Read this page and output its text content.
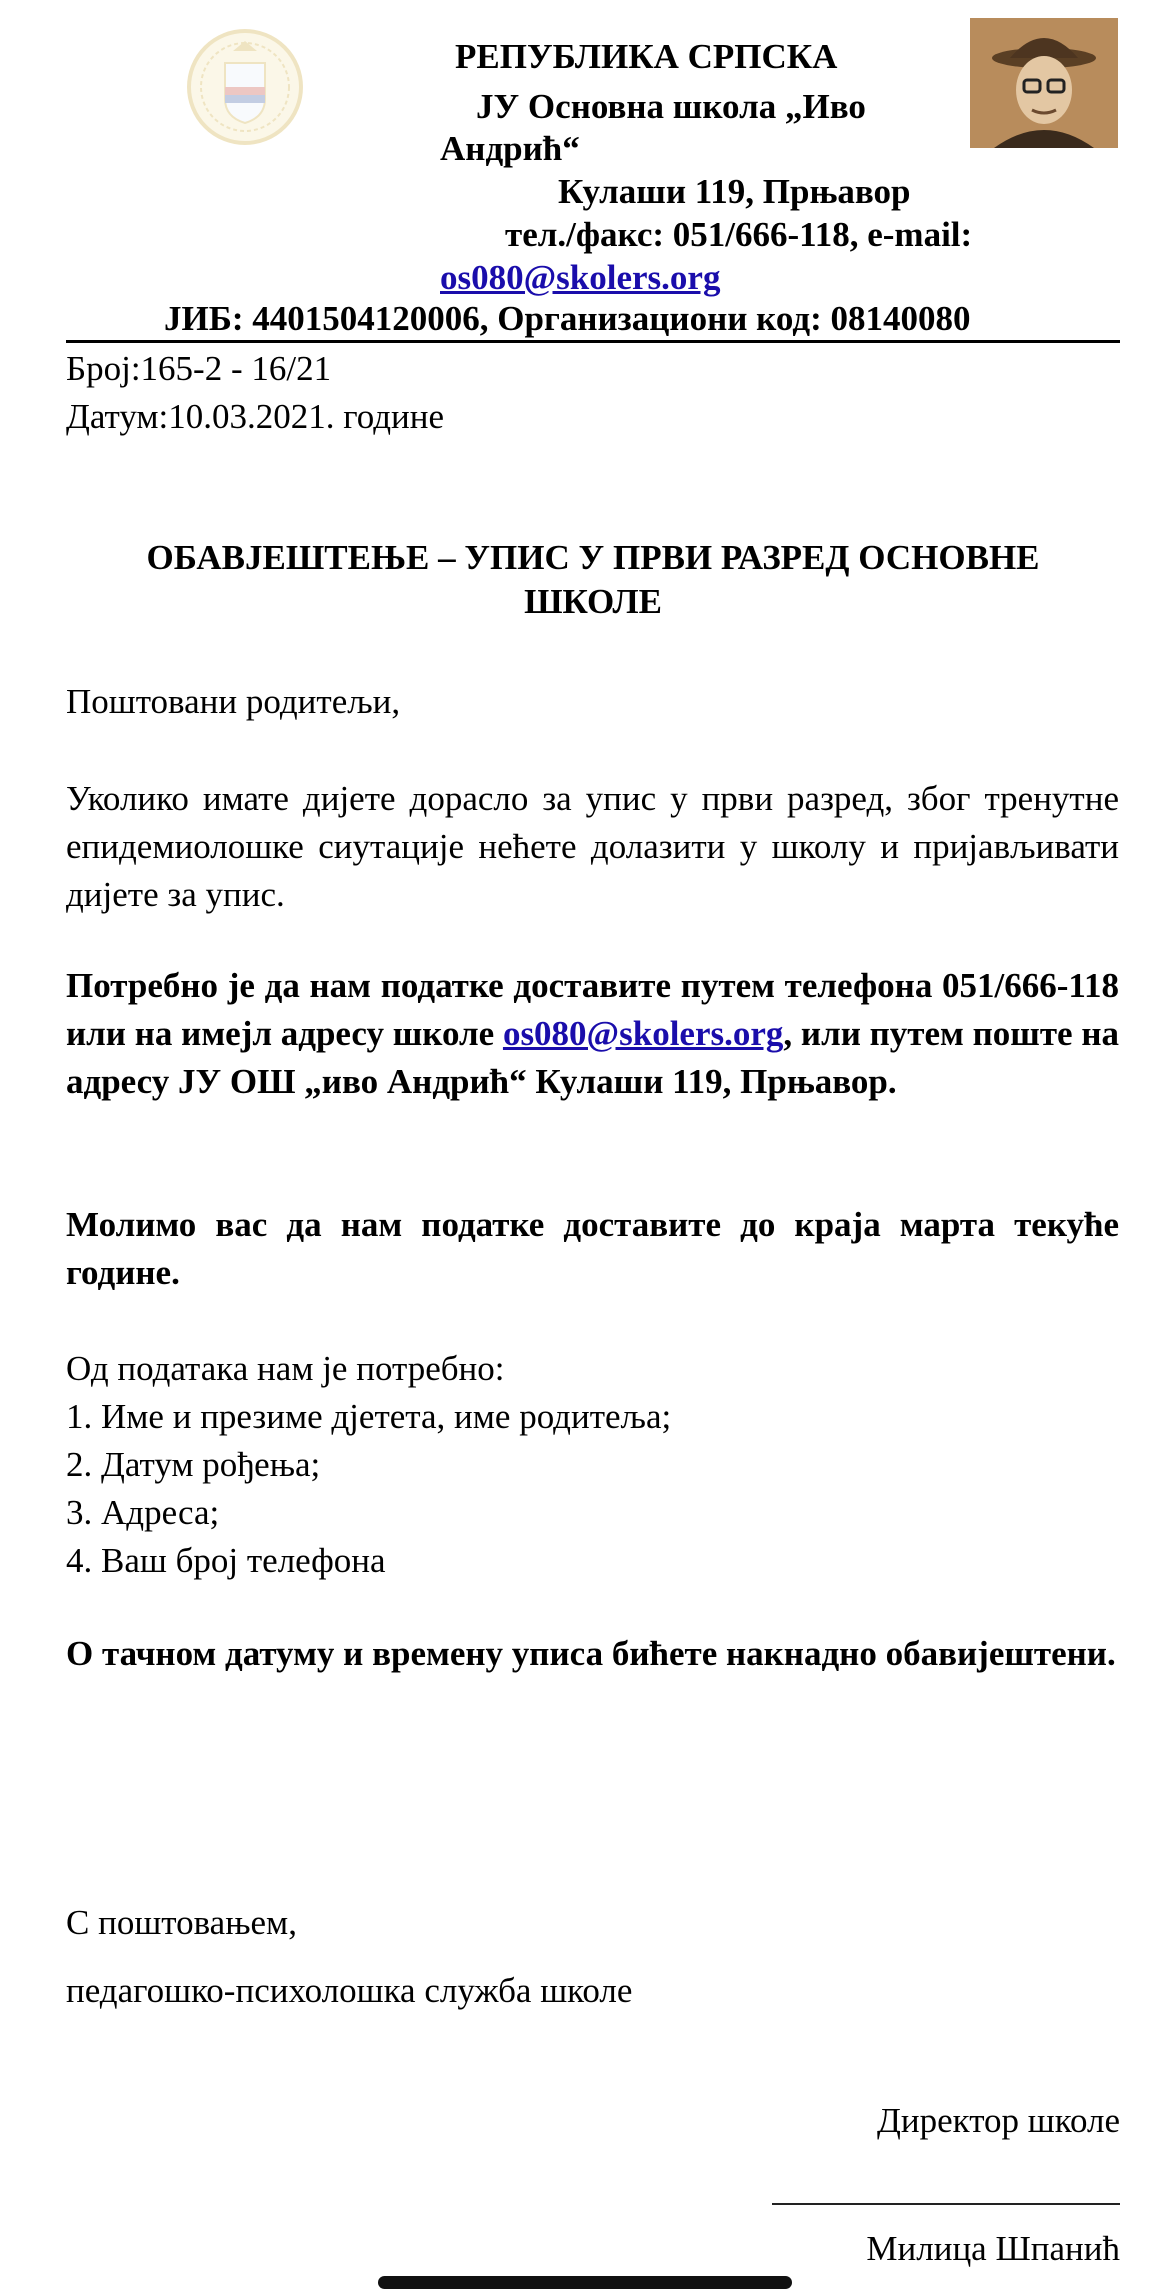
РЕПУБЛИКА СРПСКА
ЈУ Основна школа „Иво
Андрић“
Кулаши 119, Прњавор
тел./факс: 051/666-118, e-mail:
os080@skolers.org
ЈИБ: 4401504120006, Организациони код: 08140080
Број:165-2 - 16/21
Датум:10.03.2021. године
ОБАВЈЕШТЕЊЕ – УПИС У ПРВИ РАЗРЕД ОСНОВНЕ
ШКОЛЕ
Поштовани родитељи,
Уколико имате дијете дорасло за упис у први разред, због тренутне епидемиолошке сиутације нећете долазити у школу и пријављивати дијете за упис.
Потребно је да нам податке доставите путем телефона 051/666-118 или на имејл адресу школе os080@skolers.org, или путем поште на адресу ЈУ ОШ „иво Андрић“ Кулаши 119, Прњавор.
Молимо вас да нам податке доставите до краја марта текуће године.
Од података нам је потребно:
1. Име и презиме дјетета, име родитеља;
2. Датум рођења;
3. Адреса;
4. Ваш број телефона
О тачном датуму и времену уписа бићете накнадно обавијештени.
С поштовањем,
педагошко-психолошка служба школе
Директор школе
Милица Шпанић
